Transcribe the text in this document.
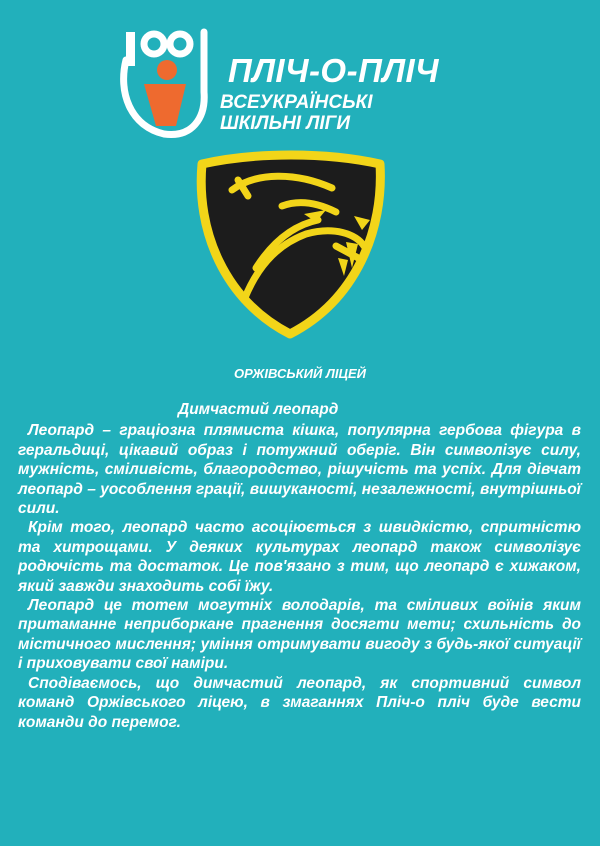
ПЛІЧ-О-ПЛІЧ
ВСЕУКРАЇНСЬКІ
ШКІЛЬНІ ЛІГИ
ОРЖІВСЬКИЙ ЛІЦЕЙ
Димчастий леопард

Леопард – граціозна плямиста кішка, популярна гербова фігура в геральдиці, цікавий образ і потужний оберіг. Він символізує силу, мужність, сміливість, благородство, рішучість та успіх. Для дівчат леопард – уособлення грації, вишуканості, незалежності, внутрішньої сили.

Крім того, леопард часто асоціюється з швидкістю, спритністю та хитрощами. У деяких культурах леопард також символізує родючість та достаток. Це пов'язано з тим, що леопард є хижаком, який завжди знаходить собі їжу.

Леопард це тотем могутніх володарів, та сміливих воїнів яким притаманне неприборкане прагнення досягти мети; схильність до містичного мислення; уміння отримувати вигоду з будь-якої ситуації і приховувати свої наміри.

Сподіваємось, що димчастий леопард, як спортивний символ команд Оржівського ліцею, в змаганнях Пліч-о пліч буде вести команди до перемог.
